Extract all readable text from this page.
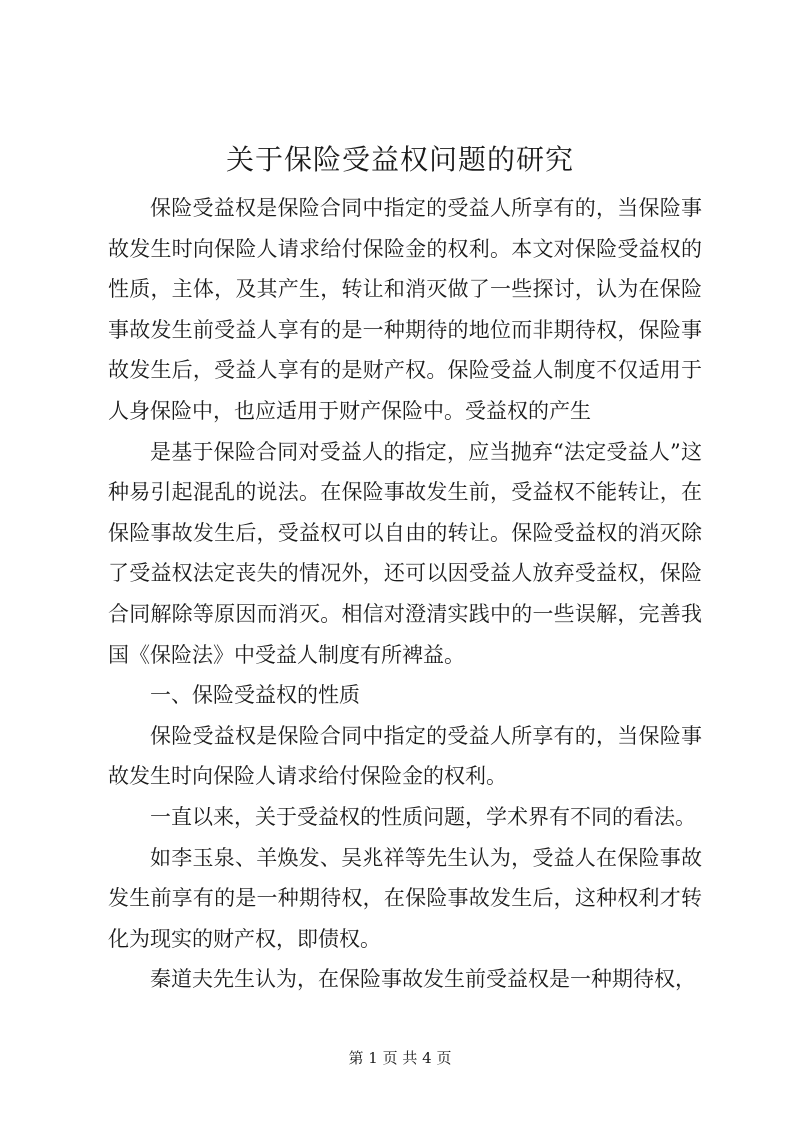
关于保险受益权问题的研究

保险受益权是保险合同中指定的受益人所享有的，当保险事故发生时向保险人请求给付保险金的权利。本文对保险受益权的性质，主体，及其产生，转让和消灭做了一些探讨，认为在保险事故发生前受益人享有的是一种期待的地位而非期待权，保险事故发生后，受益人享有的是财产权。保险受益人制度不仅适用于人身保险中，也应适用于财产保险中。受益权的产生

是基于保险合同对受益人的指定，应当抛弃“法定受益人”这种易引起混乱的说法。在保险事故发生前，受益权不能转让，在保险事故发生后，受益权可以自由的转让。保险受益权的消灭除了受益权法定丧失的情况外，还可以因受益人放弃受益权，保险合同解除等原因而消灭。相信对澄清实践中的一些误解，完善我国《保险法》中受益人制度有所裨益。

一、保险受益权的性质

保险受益权是保险合同中指定的受益人所享有的，当保险事故发生时向保险人请求给付保险金的权利。

一直以来，关于受益权的性质问题，学术界有不同的看法。

如李玉泉、羊焕发、吴兆祥等先生认为，受益人在保险事故发生前享有的是一种期待权，在保险事故发生后，这种权利才转化为现实的财产权，即债权。

秦道夫先生认为，在保险事故发生前受益权是一种期待权，

第 1 页 共 4 页
